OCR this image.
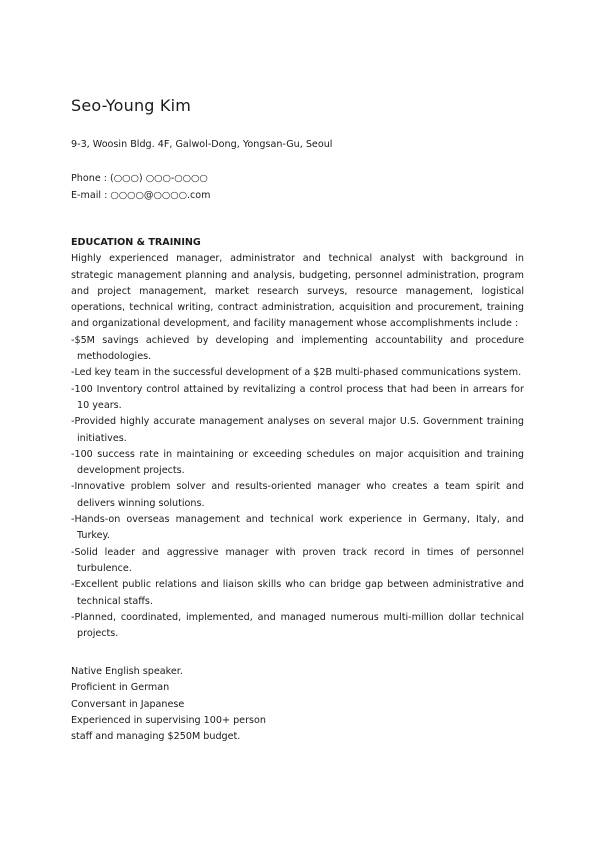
Seo-Young Kim
9-3, Woosin Bldg. 4F, Galwol-Dong, Yongsan-Gu, Seoul
Phone : (○○○) ○○○-○○○○
E-mail : ○○○○@○○○○.com
EDUCATION & TRAINING
Highly experienced manager, administrator and technical analyst with background in strategic management planning and analysis, budgeting, personnel administration, program and project management, market research surveys, resource management, logistical operations, technical writing, contract administration, acquisition and procurement, training and organizational development, and facility management whose accomplishments include :
-$5M savings achieved by developing and implementing accountability and procedure methodologies.
-Led key team in the successful development of a $2B multi-phased communications system.
-100 Inventory control attained by revitalizing a control process that had been in arrears for 10 years.
-Provided highly accurate management analyses on several major U.S. Government training initiatives.
-100 success rate in maintaining or exceeding schedules on major acquisition and training development projects.
-Innovative problem solver and results-oriented manager who creates a team spirit and delivers winning solutions.
-Hands-on overseas management and technical work experience in Germany, Italy, and Turkey.
-Solid leader and aggressive manager with proven track record in times of personnel turbulence.
-Excellent public relations and liaison skills who can bridge gap between administrative and technical staffs.
-Planned, coordinated, implemented, and managed numerous multi-million dollar technical projects.
Native English speaker.
Proficient in German
Conversant in Japanese
Experienced in supervising 100+ person
staff and managing $250M budget.
